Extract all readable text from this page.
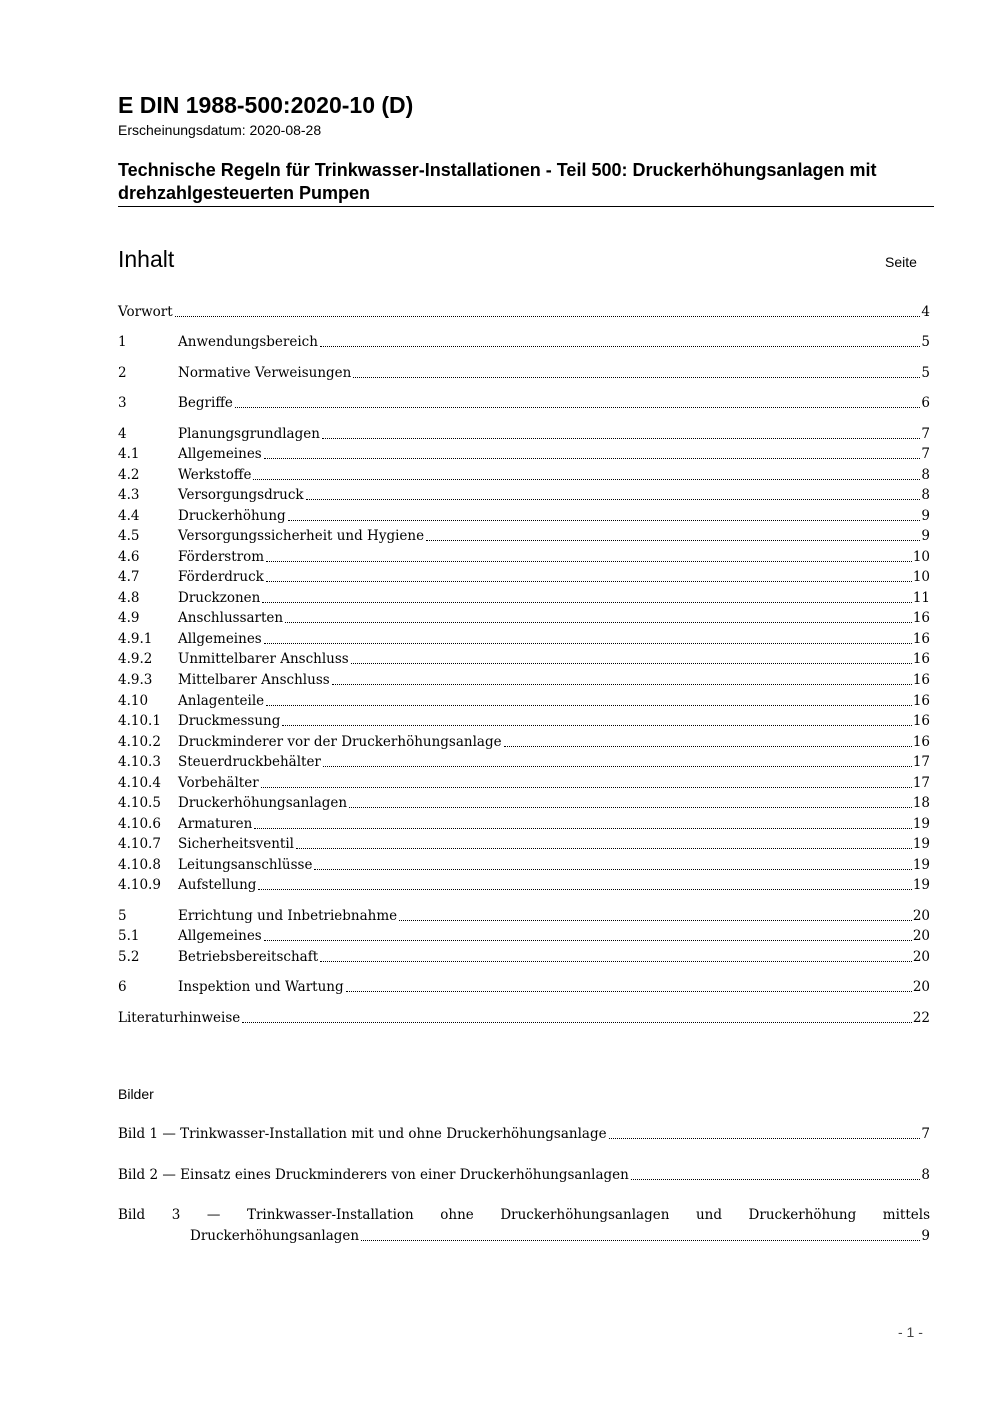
E DIN 1988-500:2020-10 (D)
Erscheinungsdatum: 2020-08-28
Technische Regeln für Trinkwasser-Installationen - Teil 500: Druckerhöhungsanlagen mit drehzahlgesteuerten Pumpen
Inhalt	Seite
Vorwort	4
1	Anwendungsbereich	5
2	Normative Verweisungen	5
3	Begriffe	6
4	Planungsgrundlagen	7
4.1	Allgemeines	7
4.2	Werkstoffe	8
4.3	Versorgungsdruck	8
4.4	Druckerhöhung	9
4.5	Versorgungssicherheit und Hygiene	9
4.6	Förderstrom	10
4.7	Förderdruck	10
4.8	Druckzonen	11
4.9	Anschlussarten	16
4.9.1	Allgemeines	16
4.9.2	Unmittelbarer Anschluss	16
4.9.3	Mittelbarer Anschluss	16
4.10	Anlagenteile	16
4.10.1	Druckmessung	16
4.10.2	Druckminderer vor der Druckerhöhungsanlage	16
4.10.3	Steuerdruckbehälter	17
4.10.4	Vorbehälter	17
4.10.5	Druckerhöhungsanlagen	18
4.10.6	Armaturen	19
4.10.7	Sicherheitsventil	19
4.10.8	Leitungsanschlüsse	19
4.10.9	Aufstellung	19
5	Errichtung und Inbetriebnahme	20
5.1	Allgemeines	20
5.2	Betriebsbereitschaft	20
6	Inspektion und Wartung	20
Literaturhinweise	22
Bilder
Bild 1 — Trinkwasser-Installation mit und ohne Druckerhöhungsanlage	7
Bild 2 — Einsatz eines Druckminderers von einer Druckerhöhungsanlagen	8
Bild 3 — Trinkwasser-Installation ohne Druckerhöhungsanlagen und Druckerhöhung mittels
Druckerhöhungsanlagen	9
- 1 -
